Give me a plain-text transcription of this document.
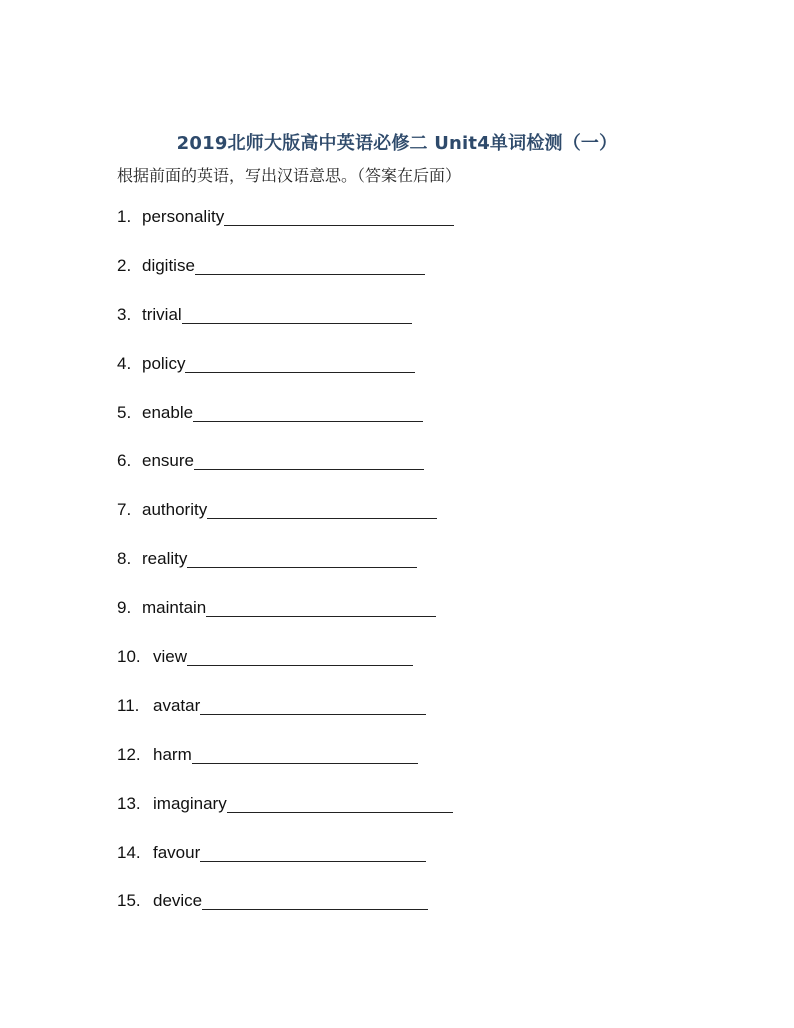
2019北师大版高中英语必修二 Unit4单词检测（一）
根据前面的英语，写出汉语意思。（答案在后面）
1. personality
2. digitise
3. trivial
4. policy
5. enable
6. ensure
7. authority
8. reality
9. maintain
10. view
11. avatar
12. harm
13. imaginary
14. favour
15. device
